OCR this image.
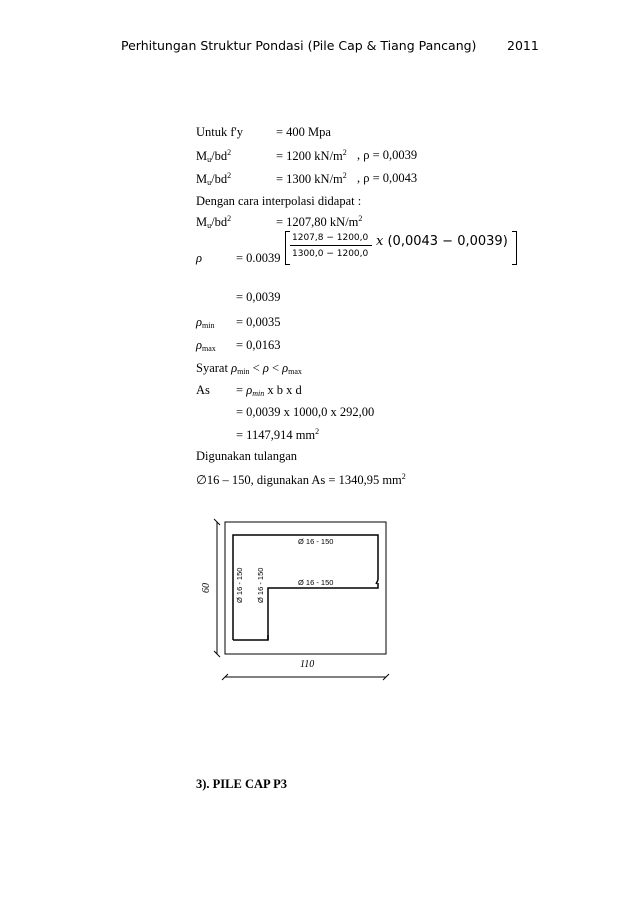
Perhitungan Struktur Pondasi (Pile Cap & Tiang Pancang) 2011
Untuk f'y	= 400 Mpa
$M_u/bd^2$	= 1200 $kN/m^2$ , ρ = 0,0039
$M_u/bd^2$	= 1300 $kN/m^2$ , ρ = 0,0043
Dengan cara interpolasi didapat :
$M_u/bd^2$	= 1207,80 $kN/m^2$
ρ	= 0.0039
1207,8 − 1200,0
1300,0 − 1200,0
x (0,0043 − 0,0039)
= 0,0039
$\rho_{min} = 0,0035$
$\rho_{max} = 0,0163$
Syarat $\rho_{min} < \rho < \rho_{max}$
$As = \rho_{min}$ x b x d
= 0,0039 x 1000,0 x 292,00
= 1147,914 $mm^2$
Digunakan tulangan
∅16 – 150, digunakan As = 1340,95 $mm^2$
Ø 16 - 150
Ø 16 - 150
Ø 16 - 150 Ø 16 - 150
60
110
3). PILE CAP P3
